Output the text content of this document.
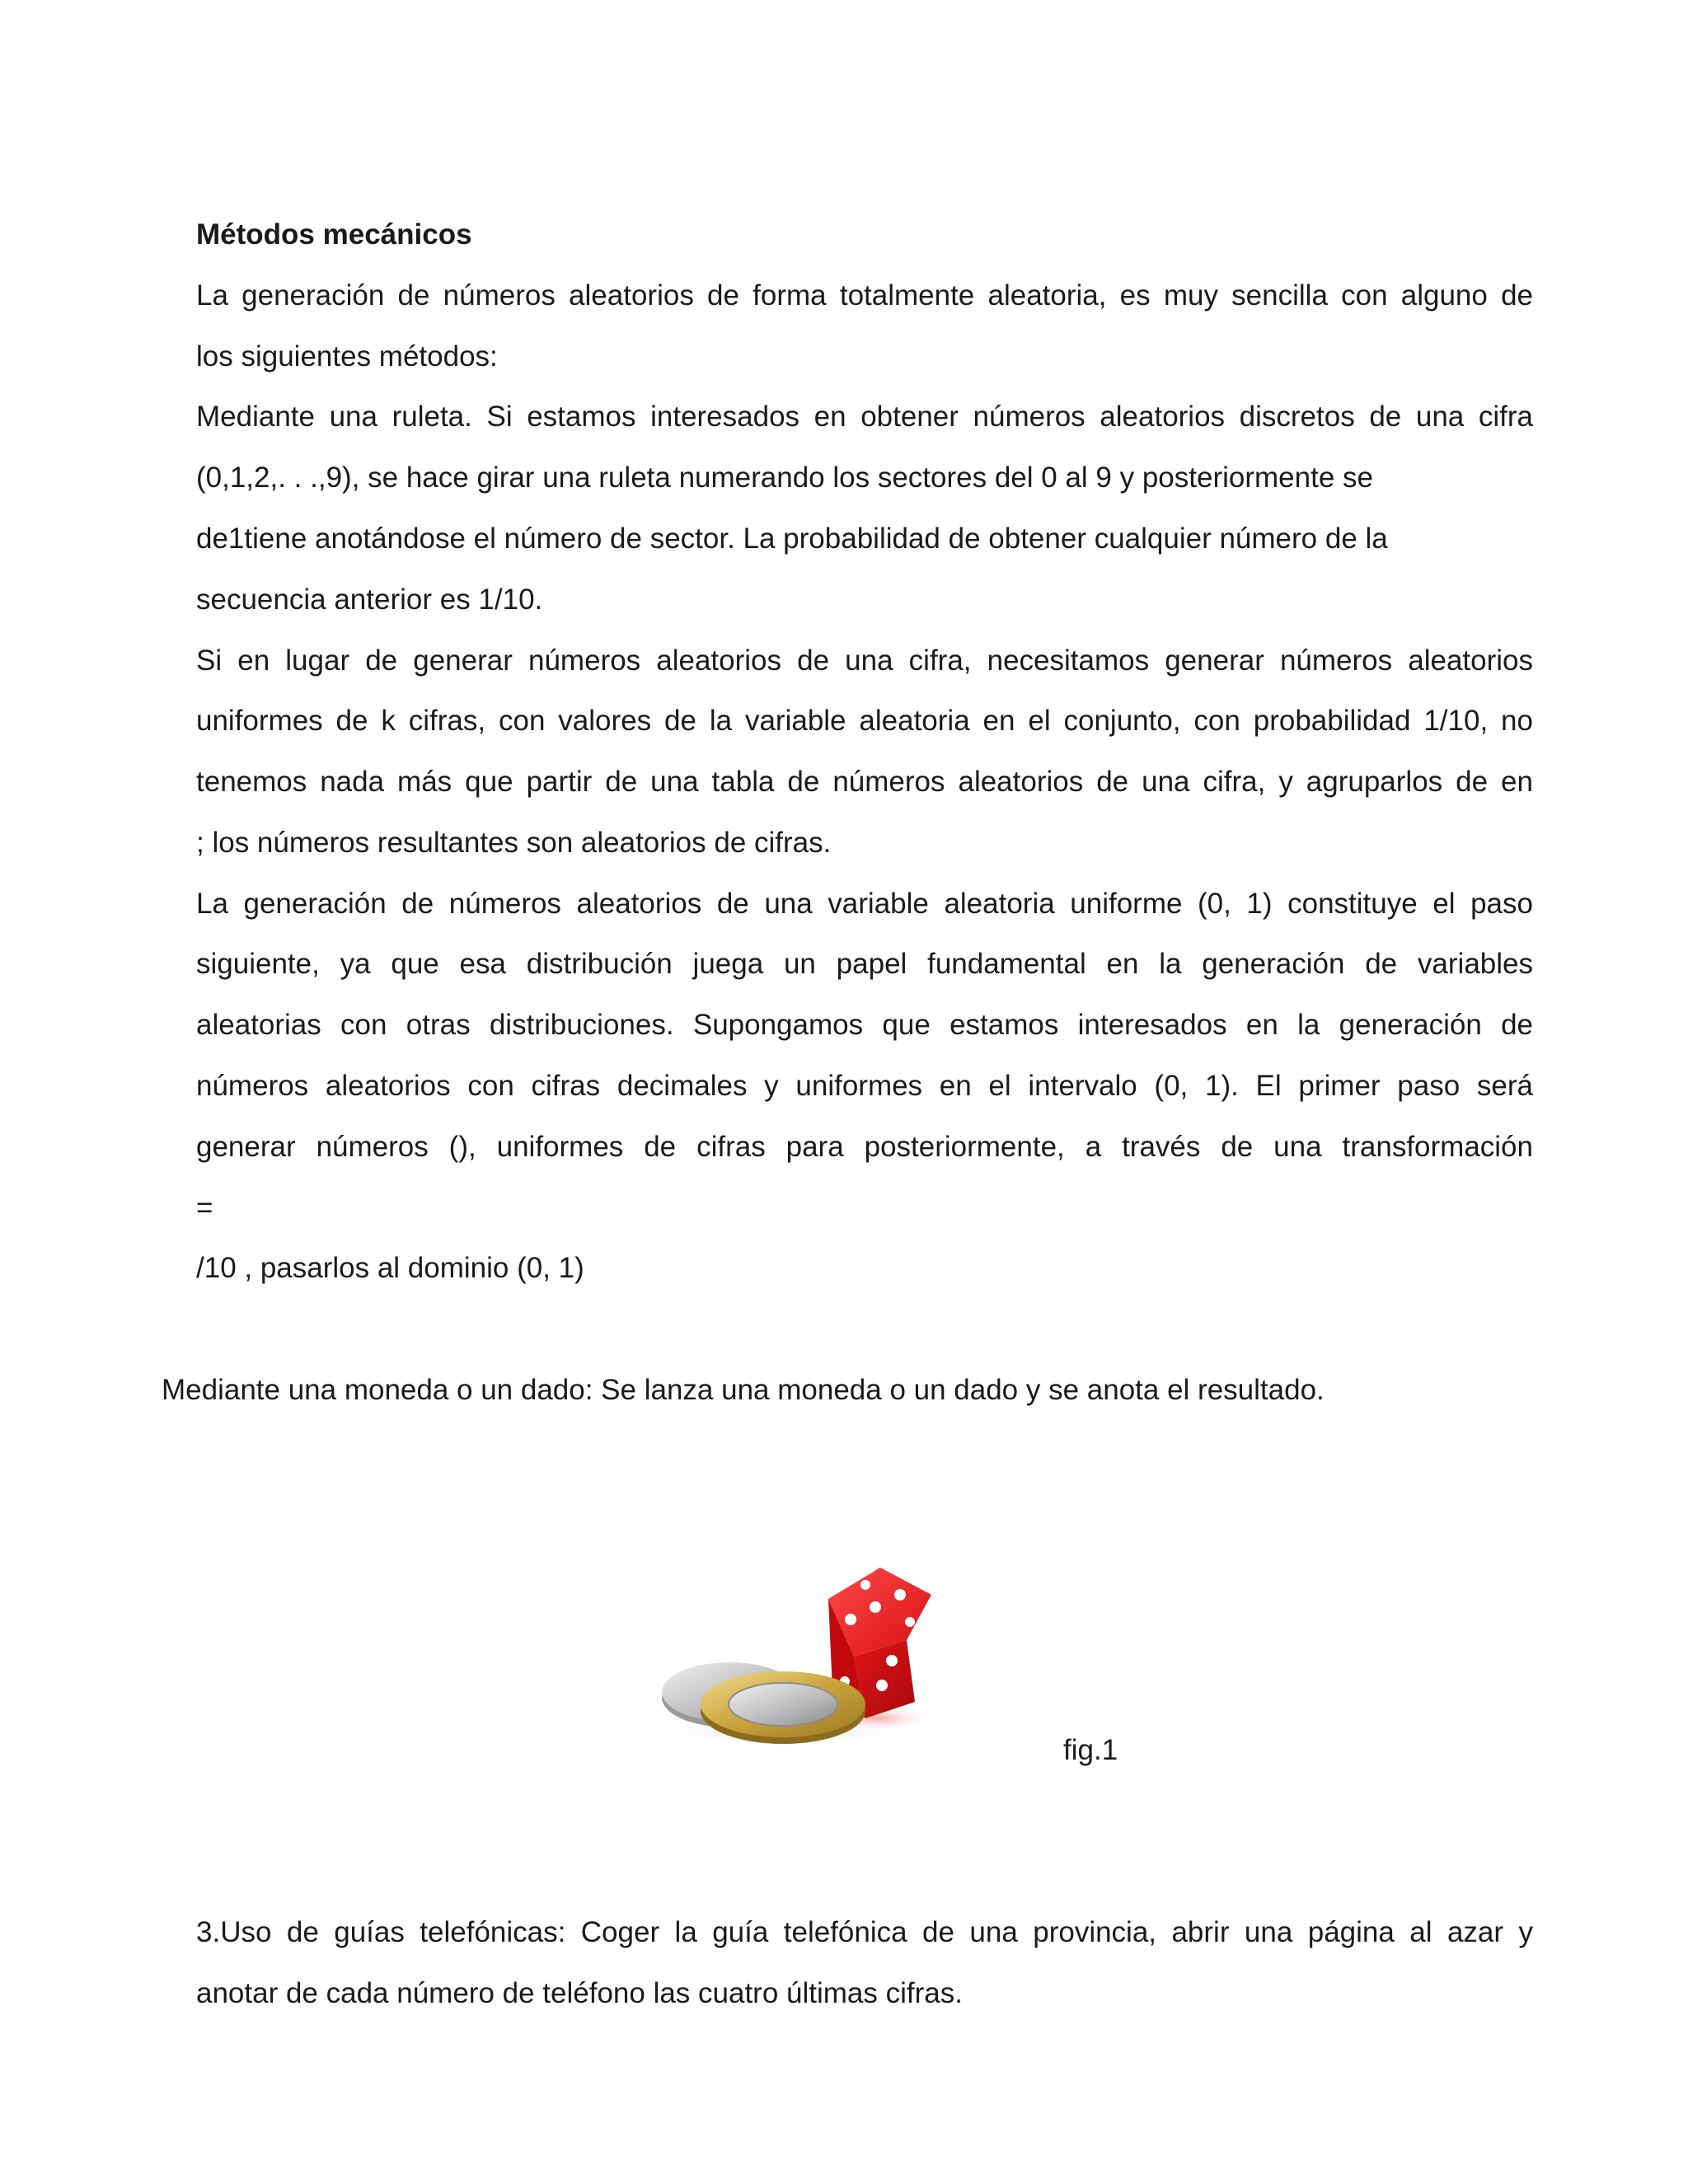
Métodos mecánicos
La generación de números aleatorios de forma totalmente aleatoria, es muy sencilla con alguno de
los siguientes métodos:
Mediante una ruleta. Si estamos interesados en obtener números aleatorios discretos de una cifra
(0,1,2,. . .,9), se hace girar una ruleta numerando los sectores del 0 al 9 y posteriormente se
de1tiene anotándose el número de sector. La probabilidad de obtener cualquier número de la
secuencia anterior es 1/10.
Si en lugar de generar números aleatorios de una cifra, necesitamos generar números aleatorios
uniformes de k cifras, con valores de la variable aleatoria en el conjunto, con probabilidad 1/10, no
tenemos nada más que partir de una tabla de números aleatorios de una cifra, y agruparlos de en
; los números resultantes son aleatorios de cifras.
La generación de números aleatorios de una variable aleatoria uniforme (0, 1) constituye el paso
siguiente, ya que esa distribución juega un papel fundamental en la generación de variables
aleatorias con otras distribuciones. Supongamos que estamos interesados en la generación de
números aleatorios con cifras decimales y uniformes en el intervalo (0, 1). El primer paso será
generar números (), uniformes de cifras para posteriormente, a través de una transformación
=
/10 , pasarlos al dominio (0, 1)
Mediante una moneda o un dado: Se lanza una moneda o un dado y se anota el resultado.
fig.1
3.Uso de guías telefónicas: Coger la guía telefónica de una provincia, abrir una página al azar y
anotar de cada número de teléfono las cuatro últimas cifras.
